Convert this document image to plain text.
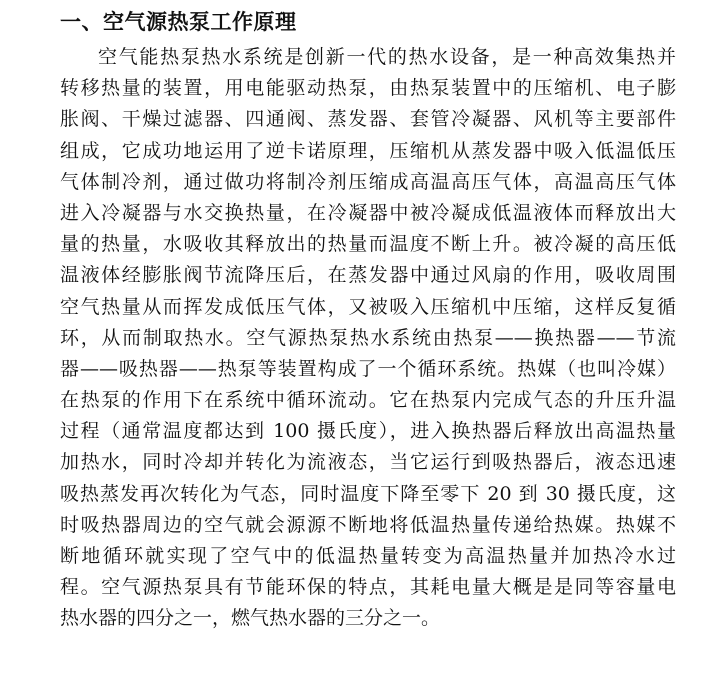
一、空气源热泵工作原理
空气能热泵热水系统是创新一代的热水设备，是一种高效集热并
转移热量的装置，用电能驱动热泵，由热泵装置中的压缩机、电子膨
胀阀、干燥过滤器、四通阀、蒸发器、套管冷凝器、风机等主要部件
组成，它成功地运用了逆卡诺原理，压缩机从蒸发器中吸入低温低压
气体制冷剂，通过做功将制冷剂压缩成高温高压气体，高温高压气体
进入冷凝器与水交换热量，在冷凝器中被冷凝成低温液体而释放出大
量的热量，水吸收其释放出的热量而温度不断上升。被冷凝的高压低
温液体经膨胀阀节流降压后，在蒸发器中通过风扇的作用，吸收周围
空气热量从而挥发成低压气体，又被吸入压缩机中压缩，这样反复循
环，从而制取热水。空气源热泵热水系统由热泵——换热器——节流
器——吸热器——热泵等装置构成了一个循环系统。热媒（也叫冷媒）
在热泵的作用下在系统中循环流动。它在热泵内完成气态的升压升温
过程（通常温度都达到 100 摄氏度），进入换热器后释放出高温热量
加热水，同时冷却并转化为流液态，当它运行到吸热器后，液态迅速
吸热蒸发再次转化为气态，同时温度下降至零下 20 到 30 摄氏度，这
时吸热器周边的空气就会源源不断地将低温热量传递给热媒。热媒不
断地循环就实现了空气中的低温热量转变为高温热量并加热冷水过
程。空气源热泵具有节能环保的特点，其耗电量大概是是同等容量电
热水器的四分之一，燃气热水器的三分之一。
